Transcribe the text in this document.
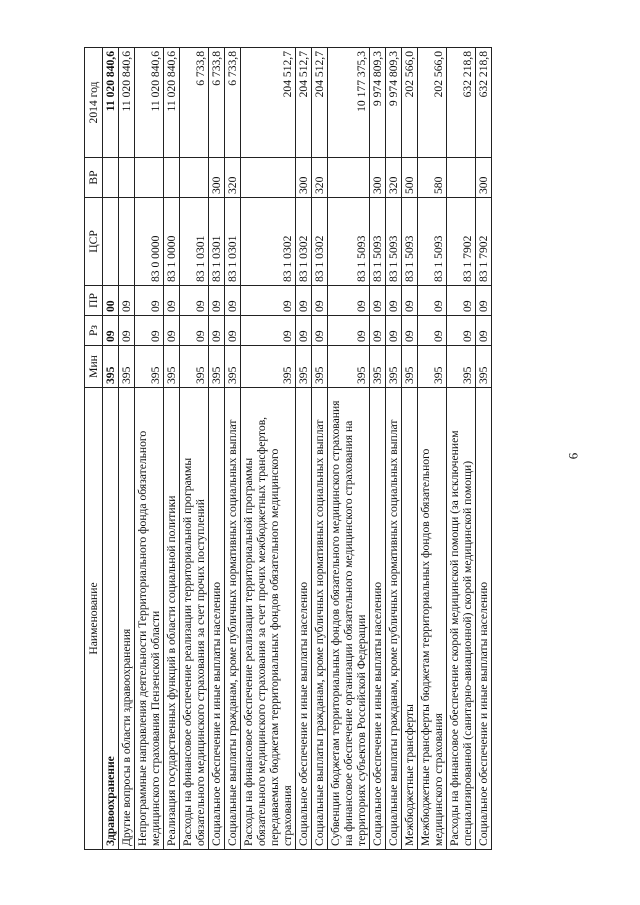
6
Наименование	Мин	Рз	ПР	ЦСР	ВР	2014 год
Здравоохранение	395	09	00			11 020 840,6
Другие вопросы в области здравоохранения	395	09	09			11 020 840,6
Непрограммные направления деятельности Территориального фонда обязательного медицинского страхования Пензенской области	395	09	09	83 0 0000		11 020 840,6
Реализация государственных функций в области социальной политики	395	09	09	83 1 0000		11 020 840,6
Расходы на финансовое обеспечение реализации территориальной программы обязательного медицинского страхования за счет прочих поступлений	395	09	09	83 1 0301		6 733,8
Социальное обеспечение и иные выплаты населению	395	09	09	83 1 0301	300	6 733,8
Социальные выплаты гражданам, кроме публичных нормативных социальных выплат	395	09	09	83 1 0301	320	6 733,8
Расходы на финансовое обеспечение реализации территориальной программы обязательного медицинского страхования за счет прочих межбюджетных трансфертов, передаваемых бюджетам территориальных фондов обязательного медицинского страхования	395	09	09	83 1 0302		204 512,7
Социальное обеспечение и иные выплаты населению	395	09	09	83 1 0302	300	204 512,7
Социальные выплаты гражданам, кроме публичных нормативных социальных выплат	395	09	09	83 1 0302	320	204 512,7
Субвенции бюджетам территориальных фондов обязательного медицинского страхования на финансовое обеспечение организации обязательного медицинского страхования на территориях субъектов Российской Федерации	395	09	09	83 1 5093		10 177 375,3
Социальное обеспечение и иные выплаты населению	395	09	09	83 1 5093	300	9 974 809,3
Социальные выплаты гражданам, кроме публичных нормативных социальных выплат	395	09	09	83 1 5093	320	9 974 809,3
Межбюджетные трансферты	395	09	09	83 1 5093	500	202 566,0
Межбюджетные трансферты бюджетам территориальных фондов обязательного медицинского страхования	395	09	09	83 1 5093	580	202 566,0
Расходы на финансовое обеспечение скорой медицинской помощи (за исключением специализированной (санитарно-авиационной) скорой медицинской помощи)	395	09	09	83 1 7902		632 218,8
Социальное обеспечение и иные выплаты населению	395	09	09	83 1 7902	300	632 218,8
